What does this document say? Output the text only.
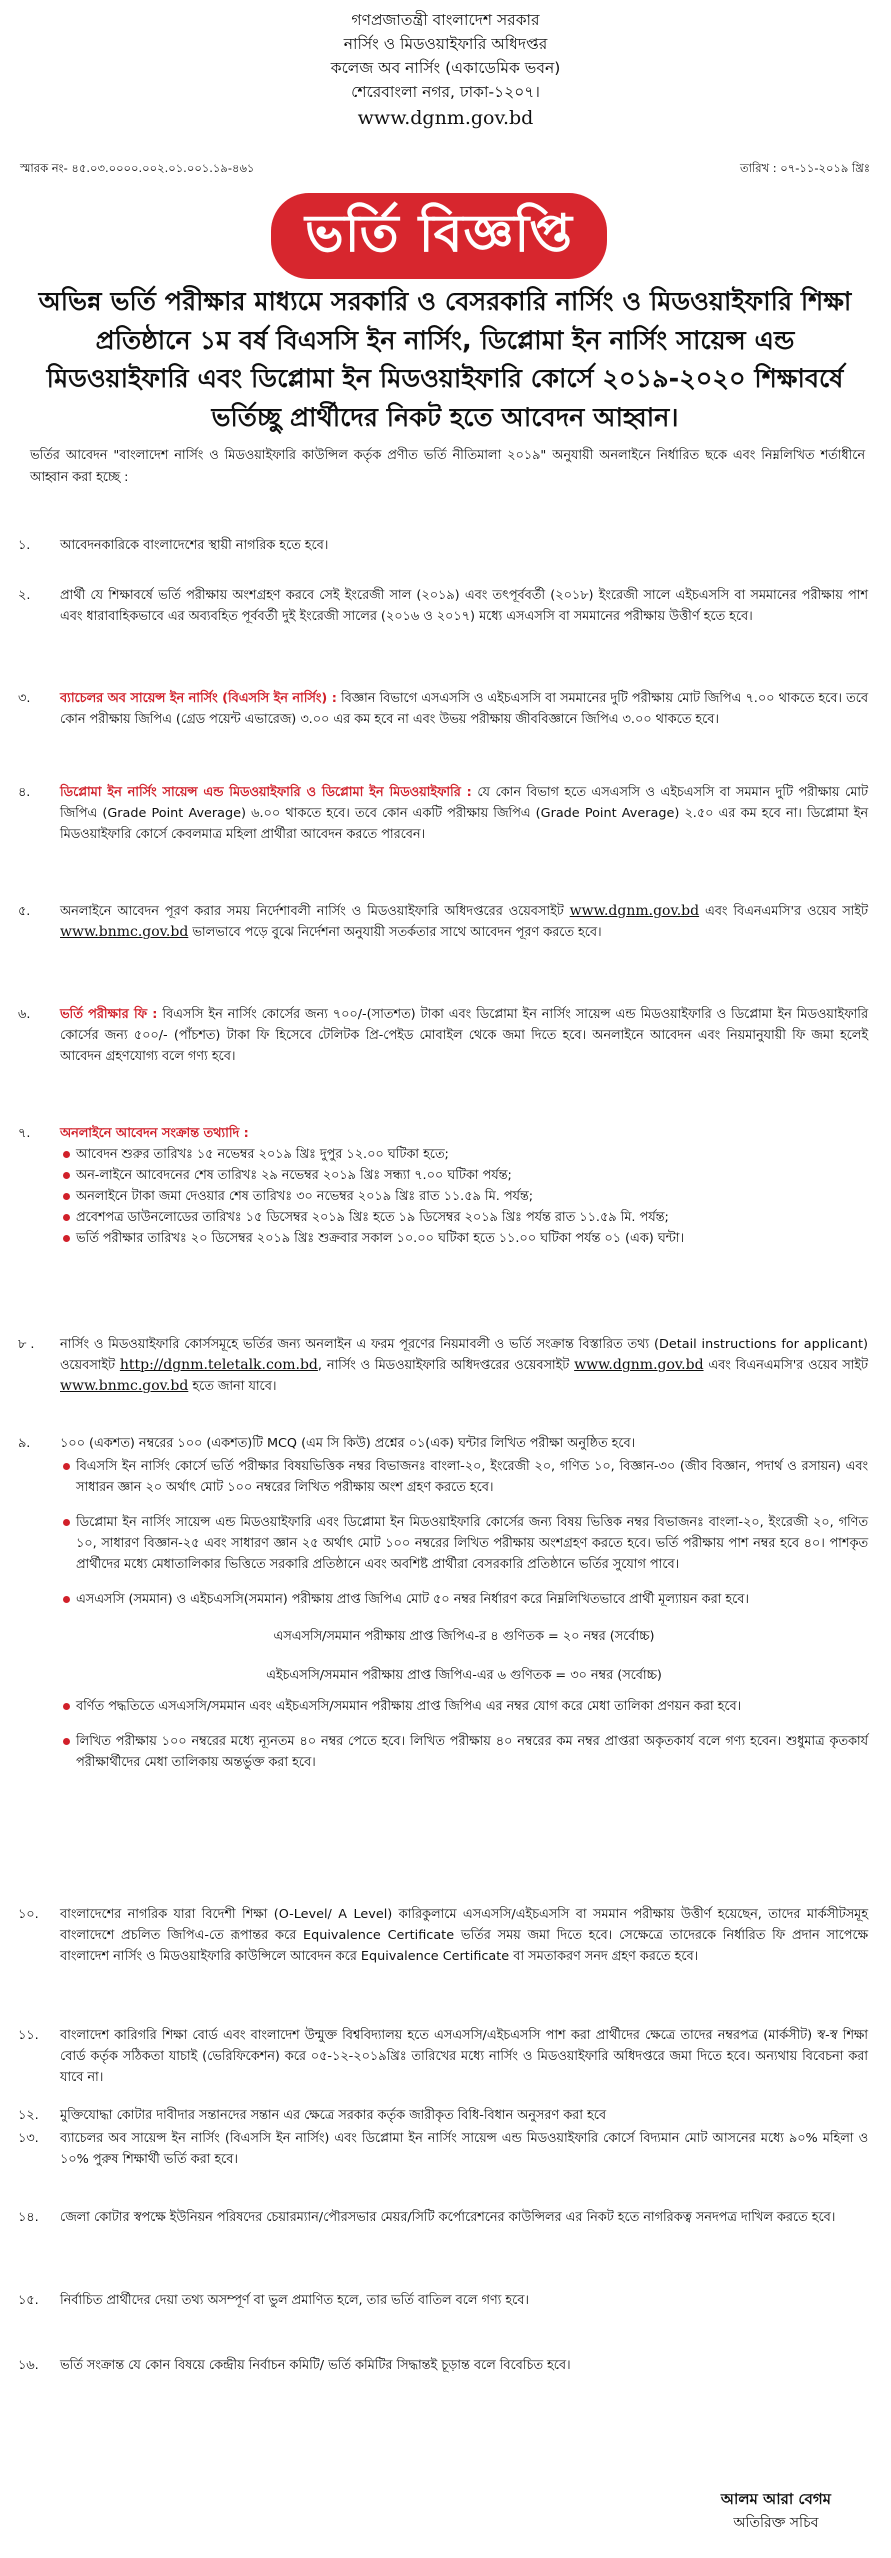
গণপ্রজাতন্ত্রী বাংলাদেশ সরকার

নার্সিং ও মিডওয়াইফারি অধিদপ্তর

কলেজ অব নার্সিং (একাডেমিক ভবন)

শেরেবাংলা নগর, ঢাকা-১২০৭।

www.dgnm.gov.bd

স্মারক নং- ৪৫.০৩.০০০০.০০২.০১.০০১.১৯-৪৬১	তারিখ : ০৭-১১-২০১৯ খ্রিঃ
ভর্তি বিজ্ঞপ্তি
অভিন্ন ভর্তি পরীক্ষার মাধ্যমে সরকারি ও বেসরকারি নার্সিং ও মিডওয়াইফারি শিক্ষা প্রতিষ্ঠানে ১ম বর্ষ বিএসসি ইন নার্সিং, ডিপ্লোমা ইন নার্সিং সায়েন্স এন্ড মিডওয়াইফারি এবং ডিপ্লোমা ইন মিডওয়াইফারি কোর্সে ২০১৯-২০২০ শিক্ষাবর্ষে ভর্তিচ্ছু প্রার্থীদের নিকট হতে আবেদন আহ্বান।
ভর্তির আবেদন "বাংলাদেশ নার্সিং ও মিডওয়াইফারি কাউন্সিল কর্তৃক প্রণীত ভর্তি নীতিমালা ২০১৯" অনুযায়ী অনলাইনে নির্ধারিত ছকে এবং নিম্নলিখিত শর্তাধীনে আহ্বান করা হচ্ছে :
১.	আবেদনকারিকে বাংলাদেশের স্থায়ী নাগরিক হতে হবে।
২.	প্রার্থী যে শিক্ষাবর্ষে ভর্তি পরীক্ষায় অংশগ্রহণ করবে সেই ইংরেজী সাল (২০১৯) এবং তৎপূর্ববর্তী (২০১৮) ইংরেজী সালে এইচএসসি বা সমমানের পরীক্ষায় পাশ এবং ধারাবাহিকভাবে এর অব্যবহিত পূর্ববর্তী দুই ইংরেজী সালের (২০১৬ ও ২০১৭) মধ্যে এসএসসি বা সমমানের পরীক্ষায় উত্তীর্ণ হতে হবে।
৩.	ব্যাচেলর অব সায়েন্স ইন নার্সিং (বিএসসি ইন নার্সিং) : বিজ্ঞান বিভাগে এসএসসি ও এইচএসসি বা সমমানের দুটি পরীক্ষায় মোট জিপিএ ৭.০০ থাকতে হবে। তবে কোন পরীক্ষায় জিপিএ (গ্রেড পয়েন্ট এভারেজ) ৩.০০ এর কম হবে না এবং উভয় পরীক্ষায় জীববিজ্ঞানে জিপিএ ৩.০০ থাকতে হবে।
৪.	ডিপ্লোমা ইন নার্সিং সায়েন্স এন্ড মিডওয়াইফারি ও ডিপ্লোমা ইন মিডওয়াইফারি : যে কোন বিভাগ হতে এসএসসি ও এইচএসসি বা সমমান দুটি পরীক্ষায় মোট জিপিএ (Grade Point Average) ৬.০০ থাকতে হবে। তবে কোন একটি পরীক্ষায় জিপিএ (Grade Point Average) ২.৫০ এর কম হবে না। ডিপ্লোমা ইন মিডওয়াইফারি কোর্সে কেবলমাত্র মহিলা প্রার্থীরা আবেদন করতে পারবেন।
৫.	অনলাইনে আবেদন পূরণ করার সময় নির্দেশাবলী নার্সিং ও মিডওয়াইফারি অধিদপ্তরের ওয়েবসাইট www.dgnm.gov.bd এবং বিএনএমসি'র ওয়েব সাইট www.bnmc.gov.bd ভালভাবে পড়ে বুঝে নির্দেশনা অনুযায়ী সতর্কতার সাথে আবেদন পূরণ করতে হবে।
৬.	ভর্তি পরীক্ষার ফি : বিএসসি ইন নার্সিং কোর্সের জন্য ৭০০/-(সাতশত) টাকা এবং ডিপ্লোমা ইন নার্সিং সায়েন্স এন্ড মিডওয়াইফারি ও ডিপ্লোমা ইন মিডওয়াইফারি কোর্সের জন্য ৫০০/- (পাঁচশত) টাকা ফি হিসেবে টেলিটক প্রি-পেইড মোবাইল থেকে জমা দিতে হবে। অনলাইনে আবেদন এবং নিয়মানুযায়ী ফি জমা হলেই আবেদন গ্রহণযোগ্য বলে গণ্য হবে।
৭.	অনলাইনে আবেদন সংক্রান্ত তথ্যাদি :
আবেদন শুরুর তারিখঃ ১৫ নভেম্বর ২০১৯ খ্রিঃ দুপুর ১২.০০ ঘটিকা হতে;
অন-লাইনে আবেদনের শেষ তারিখঃ ২৯ নভেম্বর ২০১৯ খ্রিঃ সন্ধ্যা ৭.০০ ঘটিকা পর্যন্ত;
অনলাইনে টাকা জমা দেওয়ার শেষ তারিখঃ ৩০ নভেম্বর ২০১৯ খ্রিঃ রাত ১১.৫৯ মি. পর্যন্ত;
প্রবেশপত্র ডাউনলোডের তারিখঃ ১৫ ডিসেম্বর ২০১৯ খ্রিঃ হতে ১৯ ডিসেম্বর ২০১৯ খ্রিঃ পর্যন্ত রাত ১১.৫৯ মি. পর্যন্ত;
ভর্তি পরীক্ষার তারিখঃ ২০ ডিসেম্বর ২০১৯ খ্রিঃ শুক্রবার সকাল ১০.০০ ঘটিকা হতে ১১.০০ ঘটিকা পর্যন্ত ০১ (এক) ঘন্টা।
৮ .	নার্সিং ও মিডওয়াইফারি কোর্সসমূহে ভর্তির জন্য অনলাইন এ ফরম পূরণের নিয়মাবলী ও ভর্তি সংক্রান্ত বিস্তারিত তথ্য (Detail instructions for applicant) ওয়েবসাইট http://dgnm.teletalk.com.bd, নার্সিং ও মিডওয়াইফারি অধিদপ্তরের ওয়েবসাইট www.dgnm.gov.bd এবং বিএনএমসি'র ওয়েব সাইট www.bnmc.gov.bd হতে জানা যাবে।
৯.	১০০ (একশত) নম্বরের ১০০ (একশত)টি MCQ (এম সি কিউ) প্রশ্নের ০১(এক) ঘন্টার লিখিত পরীক্ষা অনুষ্ঠিত হবে।
বিএসসি ইন নার্সিং কোর্সে ভর্তি পরীক্ষার বিষয়ভিত্তিক নম্বর বিভাজনঃ বাংলা-২০, ইংরেজী ২০, গণিত ১০, বিজ্ঞান-৩০ (জীব বিজ্ঞান, পদার্থ ও রসায়ন) এবং সাধারন জ্ঞান ২০ অর্থাৎ মোট ১০০ নম্বরের লিখিত পরীক্ষায় অংশ গ্রহণ করতে হবে।
ডিপ্লোমা ইন নার্সিং সায়েন্স এন্ড মিডওয়াইফারি এবং ডিপ্লোমা ইন মিডওয়াইফারি কোর্সের জন্য বিষয় ভিত্তিক নম্বর বিভাজনঃ বাংলা-২০, ইংরেজী ২০, গণিত ১০, সাধারণ বিজ্ঞান-২৫ এবং সাধারণ জ্ঞান ২৫ অর্থাৎ মোট ১০০ নম্বরের লিখিত পরীক্ষায় অংশগ্রহণ করতে হবে। ভর্তি পরীক্ষায় পাশ নম্বর হবে ৪০। পাশকৃত প্রার্থীদের মধ্যে মেধাতালিকার ভিত্তিতে সরকারি প্রতিষ্ঠানে এবং অবশিষ্ট প্রার্থীরা বেসরকারি প্রতিষ্ঠানে ভর্তির সুযোগ পাবে।
এসএসসি (সমমান) ও এইচএসসি(সমমান) পরীক্ষায় প্রাপ্ত জিপিএ মোট ৫০ নম্বর নির্ধারণ করে নিম্নলিখিতভাবে প্রার্থী মূল্যায়ন করা হবে।
এসএসসি/সমমান পরীক্ষায় প্রাপ্ত জিপিএ-র ৪ গুণিতক = ২০ নম্বর (সর্বোচ্চ)
এইচএসসি/সমমান পরীক্ষায় প্রাপ্ত জিপিএ-এর ৬ গুণিতক = ৩০ নম্বর (সর্বোচ্চ)
বর্ণিত পদ্ধতিতে এসএসসি/সমমান এবং এইচএসসি/সমমান পরীক্ষায় প্রাপ্ত জিপিএ এর নম্বর যোগ করে মেধা তালিকা প্রণয়ন করা হবে।
লিখিত পরীক্ষায় ১০০ নম্বরের মধ্যে ন্যূনতম ৪০ নম্বর পেতে হবে। লিখিত পরীক্ষায় ৪০ নম্বরের কম নম্বর প্রাপ্তরা অকৃতকার্য বলে গণ্য হবেন। শুধুমাত্র কৃতকার্য পরীক্ষার্থীদের মেধা তালিকায় অন্তর্ভুক্ত করা হবে।
১০.	বাংলাদেশের নাগরিক যারা বিদেশী শিক্ষা (O-Level/ A Level) কারিকুলামে এসএসসি/এইচএসসি বা সমমান পরীক্ষায় উত্তীর্ণ হয়েছেন, তাদের মার্কসীটসমূহ বাংলাদেশে প্রচলিত জিপিএ-তে রূপান্তর করে Equivalence Certificate ভর্তির সময় জমা দিতে হবে। সেক্ষেত্রে তাদেরকে নির্ধারিত ফি প্রদান সাপেক্ষে বাংলাদেশ নার্সিং ও মিডওয়াইফারি কাউন্সিলে আবেদন করে Equivalence Certificate বা সমতাকরণ সনদ গ্রহণ করতে হবে।
১১.	বাংলাদেশ কারিগরি শিক্ষা বোর্ড এবং বাংলাদেশ উন্মুক্ত বিশ্ববিদ্যালয় হতে এসএসসি/এইচএসসি পাশ করা প্রার্থীদের ক্ষেত্রে তাদের নম্বরপত্র (মার্কসীট) স্ব-স্ব শিক্ষা বোর্ড কর্তৃক সঠিকতা যাচাই (ভেরিফিকেশন) করে ০৫-১২-২০১৯খ্রিঃ তারিখের মধ্যে নার্সিং ও মিডওয়াইফারি অধিদপ্তরে জমা দিতে হবে। অন্যথায় বিবেচনা করা যাবে না।
১২.	মুক্তিযোদ্ধা কোটার দাবীদার সন্তানদের সন্তান এর ক্ষেত্রে সরকার কর্তৃক জারীকৃত বিধি-বিধান অনুসরণ করা হবে
১৩.	ব্যাচেলর অব সায়েন্স ইন নার্সিং (বিএসসি ইন নার্সিং) এবং ডিপ্লোমা ইন নার্সিং সায়েন্স এন্ড মিডওয়াইফারি কোর্সে বিদ্যমান মোট আসনের মধ্যে ৯০% মহিলা ও ১০% পুরুষ শিক্ষার্থী ভর্তি করা হবে।
১৪.	জেলা কোটার স্বপক্ষে ইউনিয়ন পরিষদের চেয়ারম্যান/পৌরসভার মেয়র/সিটি কর্পোরেশনের কাউন্সিলর এর নিকট হতে নাগরিকত্ব সনদপত্র দাখিল করতে হবে।
১৫.	নির্বাচিত প্রার্থীদের দেয়া তথ্য অসম্পূর্ণ বা ভুল প্রমাণিত হলে, তার ভর্তি বাতিল বলে গণ্য হবে।
১৬.	ভর্তি সংক্রান্ত যে কোন বিষয়ে কেন্দ্রীয় নির্বাচন কমিটি/ ভর্তি কমিটির সিদ্ধান্তই চূড়ান্ত বলে বিবেচিত হবে।
আলম আরা বেগম
অতিরিক্ত সচিব
